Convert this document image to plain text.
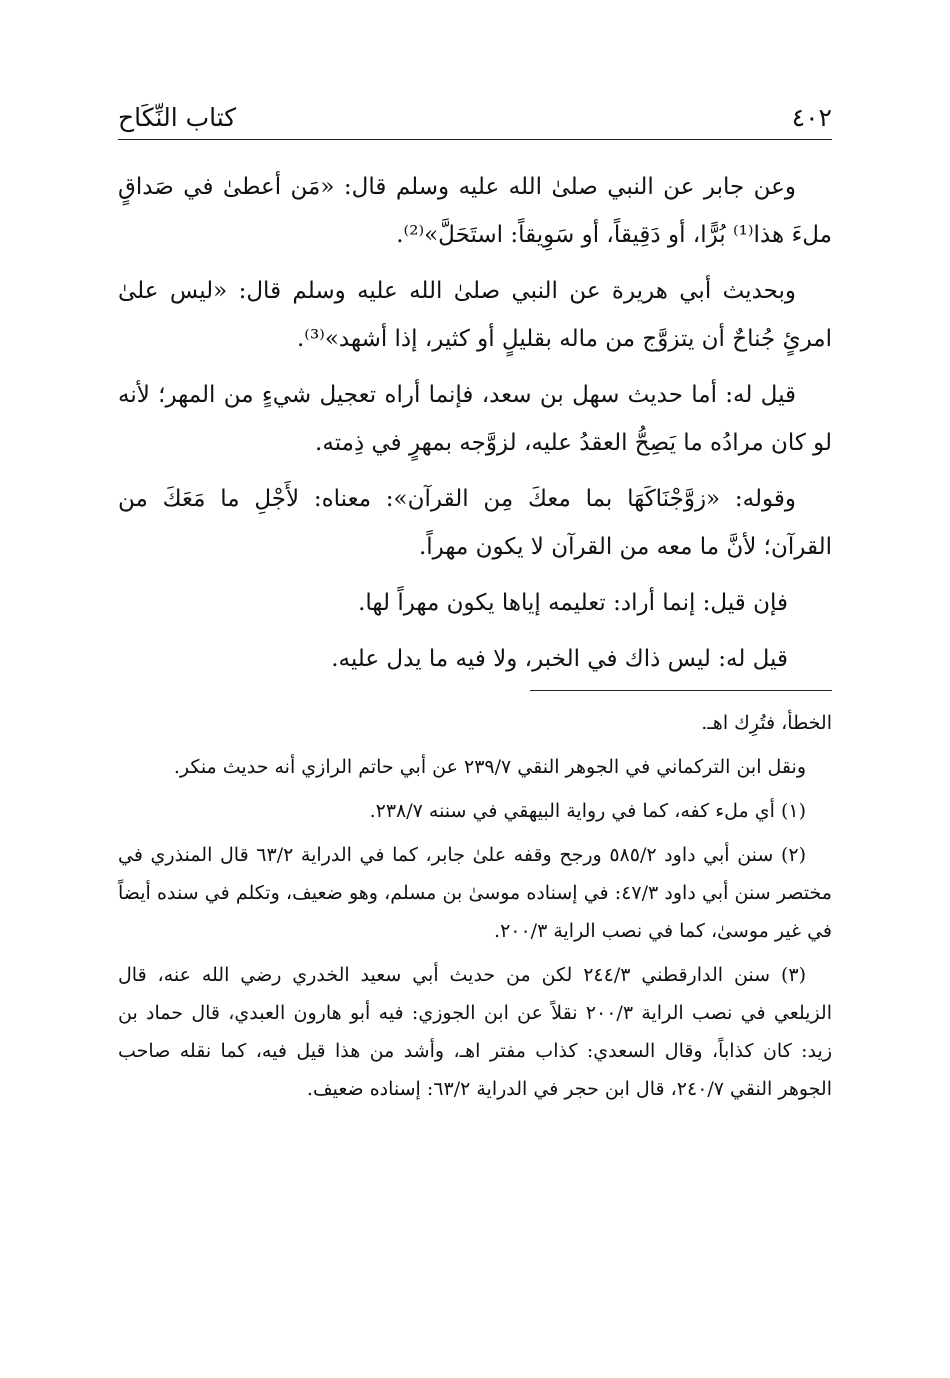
٤٠٢
كتاب النِّكَاح

وعن جابر عن النبي صلىٰ الله عليه وسلم قال: «مَن أعطىٰ في صَداقٍ ملءَ هذا⁽¹⁾ بُرًّا، أو دَقِيقاً، أو سَوِيقاً: استَحَلَّ»⁽²⁾.

وبحديث أبي هريرة عن النبي صلىٰ الله عليه وسلم قال: «ليس علىٰ امرئٍ جُناحٌ أن يتزوَّج من ماله بقليلٍ أو كثير، إذا أشهد»⁽³⁾.

قيل له: أما حديث سهل بن سعد، فإنما أراه تعجيل شيءٍ من المهر؛ لأنه لو كان مرادُه ما يَصِحُّ العقدُ عليه، لزوَّجه بمهرٍ في ذِمته.

وقوله: «زوَّجْنَاكَهَا بما معكَ مِن القرآن»: معناه: لأَجْلِ ما مَعَكَ من القرآن؛ لأنَّ ما معه من القرآن لا يكون مهراً.

فإن قيل: إنما أراد: تعليمه إياها يكون مهراً لها.

قيل له: ليس ذاك في الخبر، ولا فيه ما يدل عليه.

الخطأ، فتُرِك اهـ.

ونقل ابن التركماني في الجوهر النقي ٢٣٩/٧ عن أبي حاتم الرازي أنه حديث منكر.

(١) أي ملء كفه، كما في رواية البيهقي في سننه ٢٣٨/٧.

(٢) سنن أبي داود ٥٨٥/٢ ورجح وقفه علىٰ جابر، كما في الدراية ٦٣/٢ قال المنذري في مختصر سنن أبي داود ٤٧/٣: في إسناده موسىٰ بن مسلم، وهو ضعيف، وتكلم في سنده أيضاً في غير موسىٰ، كما في نصب الراية ٢٠٠/٣.

(٣) سنن الدارقطني ٢٤٤/٣ لكن من حديث أبي سعيد الخدري رضي الله عنه، قال الزيلعي في نصب الراية ٢٠٠/٣ نقلاً عن ابن الجوزي: فيه أبو هارون العبدي، قال حماد بن زيد: كان كذاباً، وقال السعدي: كذاب مفتر اهـ، وأشد من هذا قيل فيه، كما نقله صاحب الجوهر النقي ٢٤٠/٧، قال ابن حجر في الدراية ٦٣/٢: إسناده ضعيف.
